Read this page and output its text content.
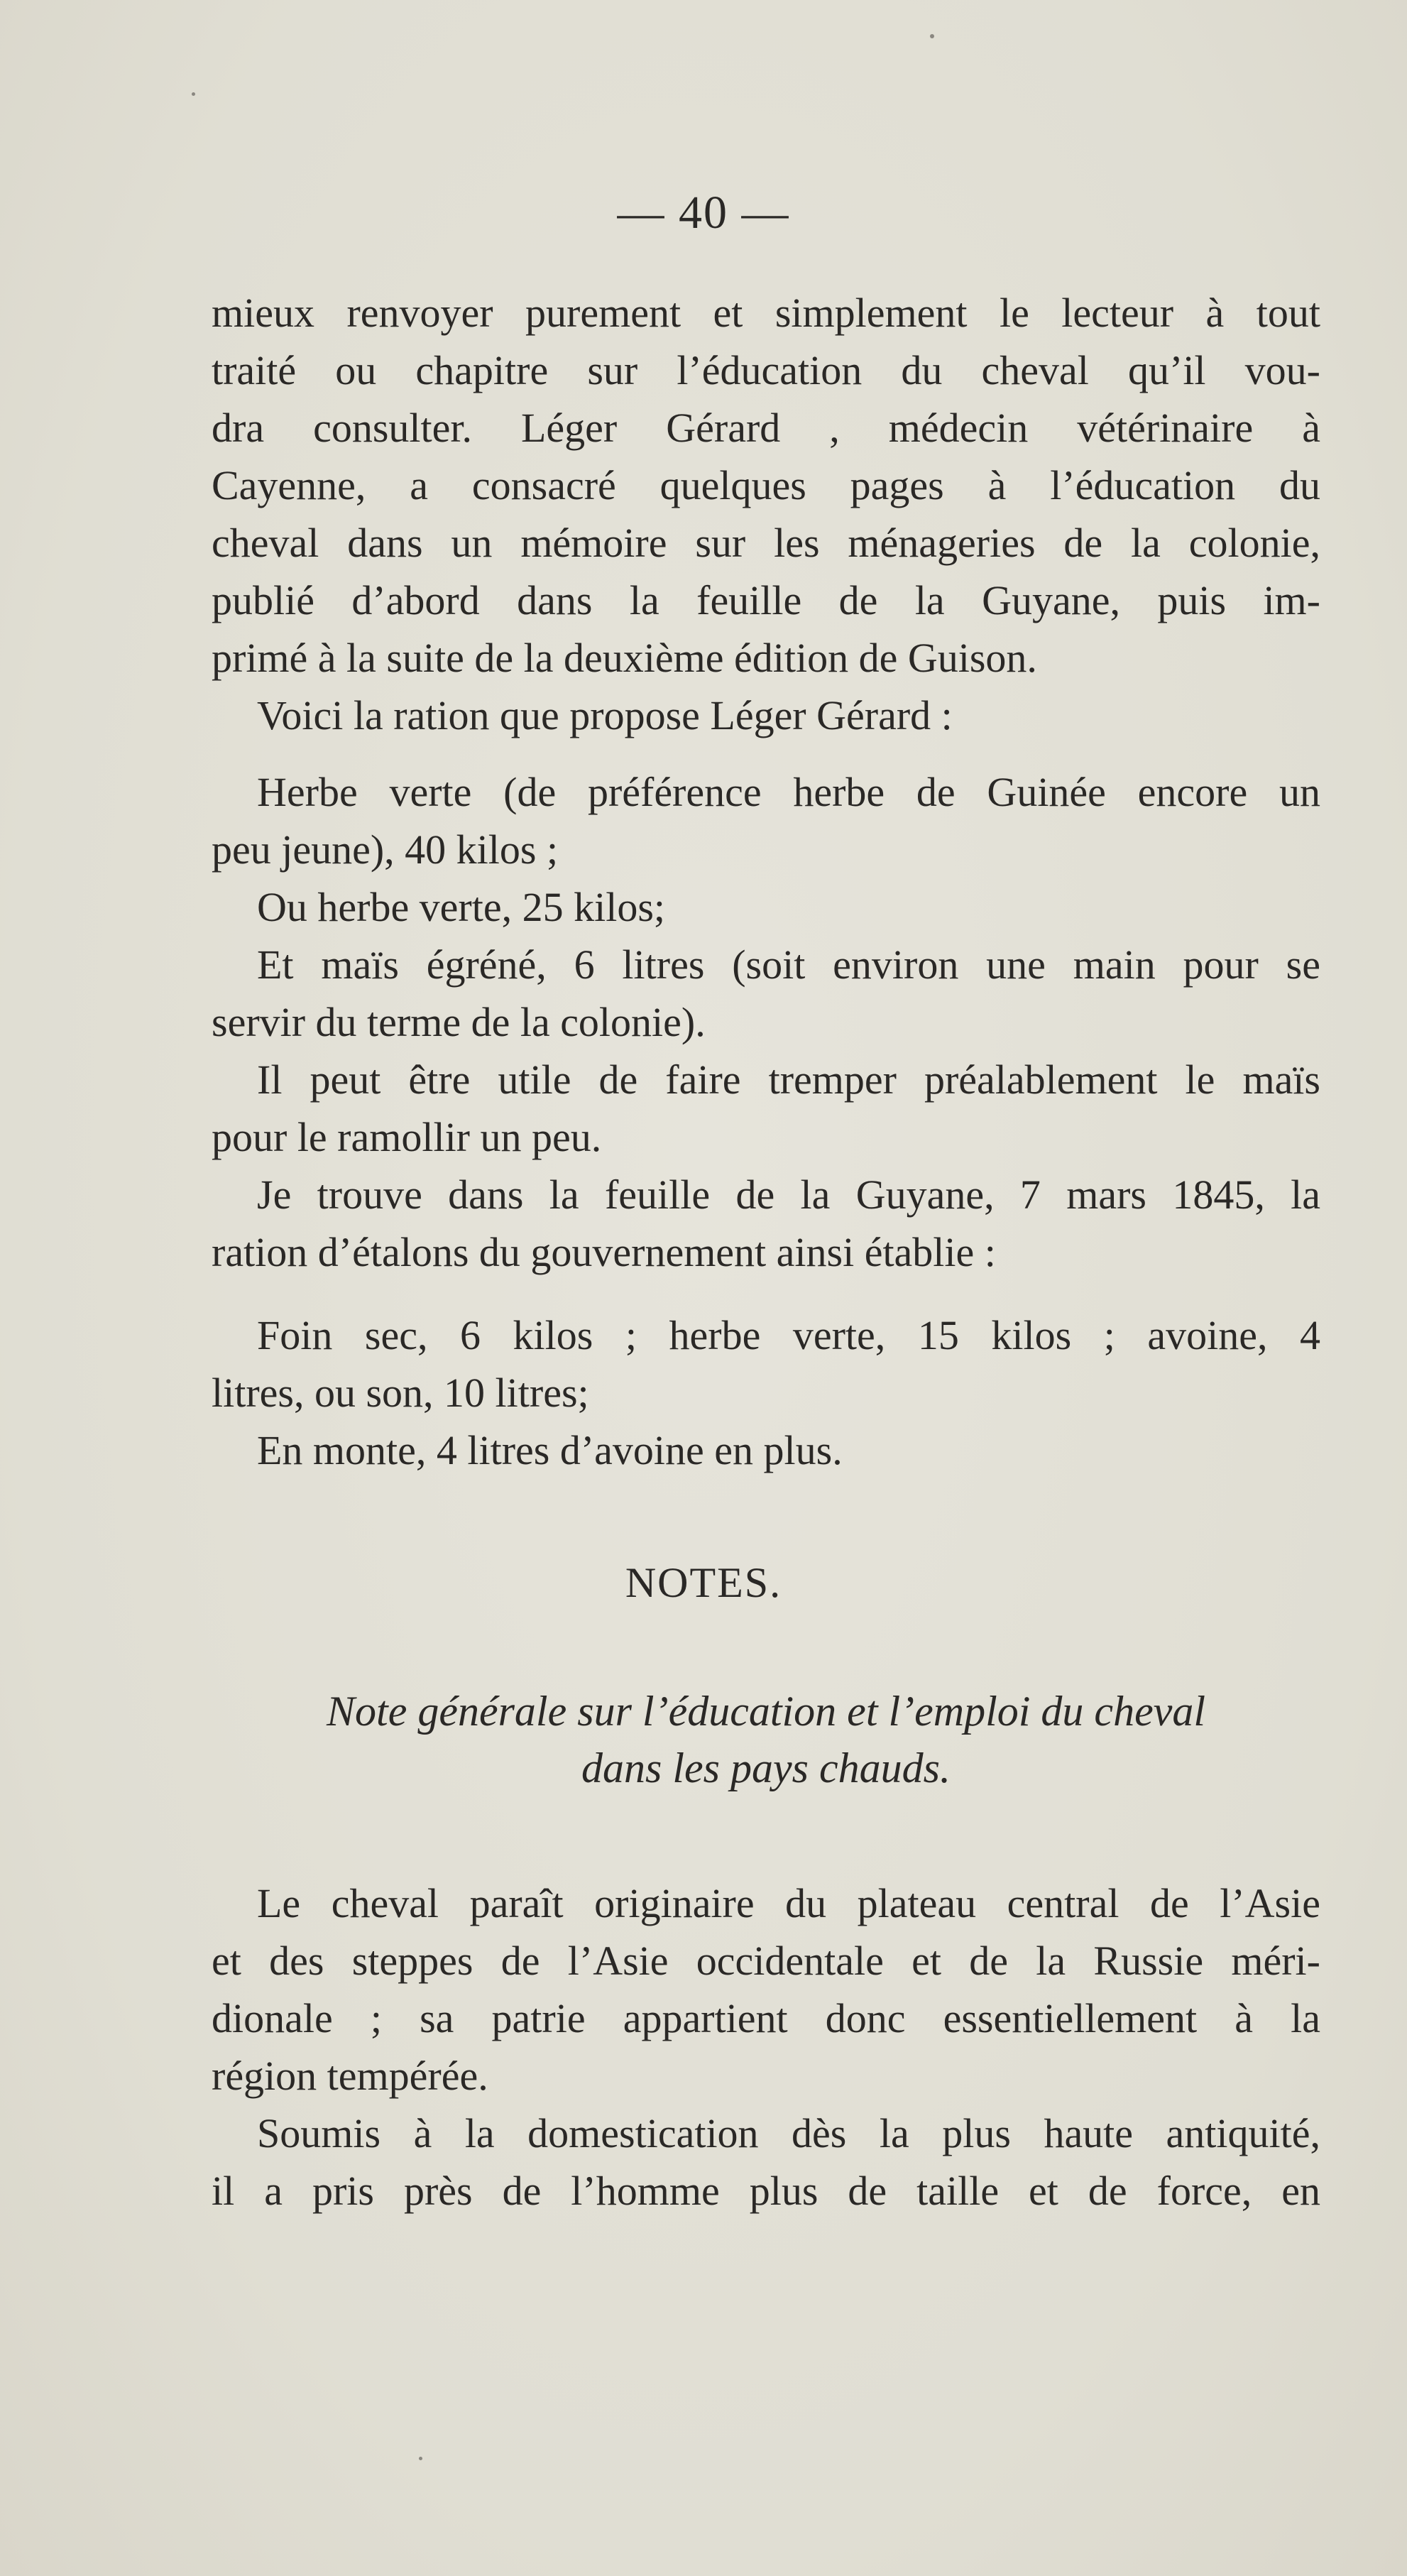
— 40 —
mieux renvoyer purement et simplement le lecteur à tout
traité ou chapitre sur l’éducation du cheval qu’il vou-
dra consulter. Léger Gérard , médecin vétérinaire à
Cayenne, a consacré quelques pages à l’éducation du
cheval dans un mémoire sur les ménageries de la colonie,
publié d’abord dans la feuille de la Guyane, puis im-
primé à la suite de la deuxième édition de Guison.
Voici la ration que propose Léger Gérard :
Herbe verte (de préférence herbe de Guinée encore un
peu jeune), 40 kilos ;
Ou herbe verte, 25 kilos;
Et maïs égréné, 6 litres (soit environ une main pour se
servir du terme de la colonie).
Il peut être utile de faire tremper préalablement le maïs
pour le ramollir un peu.
Je trouve dans la feuille de la Guyane, 7 mars 1845, la
ration d’étalons du gouvernement ainsi établie :
Foin sec, 6 kilos ; herbe verte, 15 kilos ; avoine, 4
litres, ou son, 10 litres;
En monte, 4 litres d’avoine en plus.
NOTES.
Note générale sur l’éducation et l’emploi du cheval
dans les pays chauds.
Le cheval paraît originaire du plateau central de l’Asie
et des steppes de l’Asie occidentale et de la Russie méri-
dionale ; sa patrie appartient donc essentiellement à la
région tempérée.
Soumis à la domestication dès la plus haute antiquité,
il a pris près de l’homme plus de taille et de force, en
